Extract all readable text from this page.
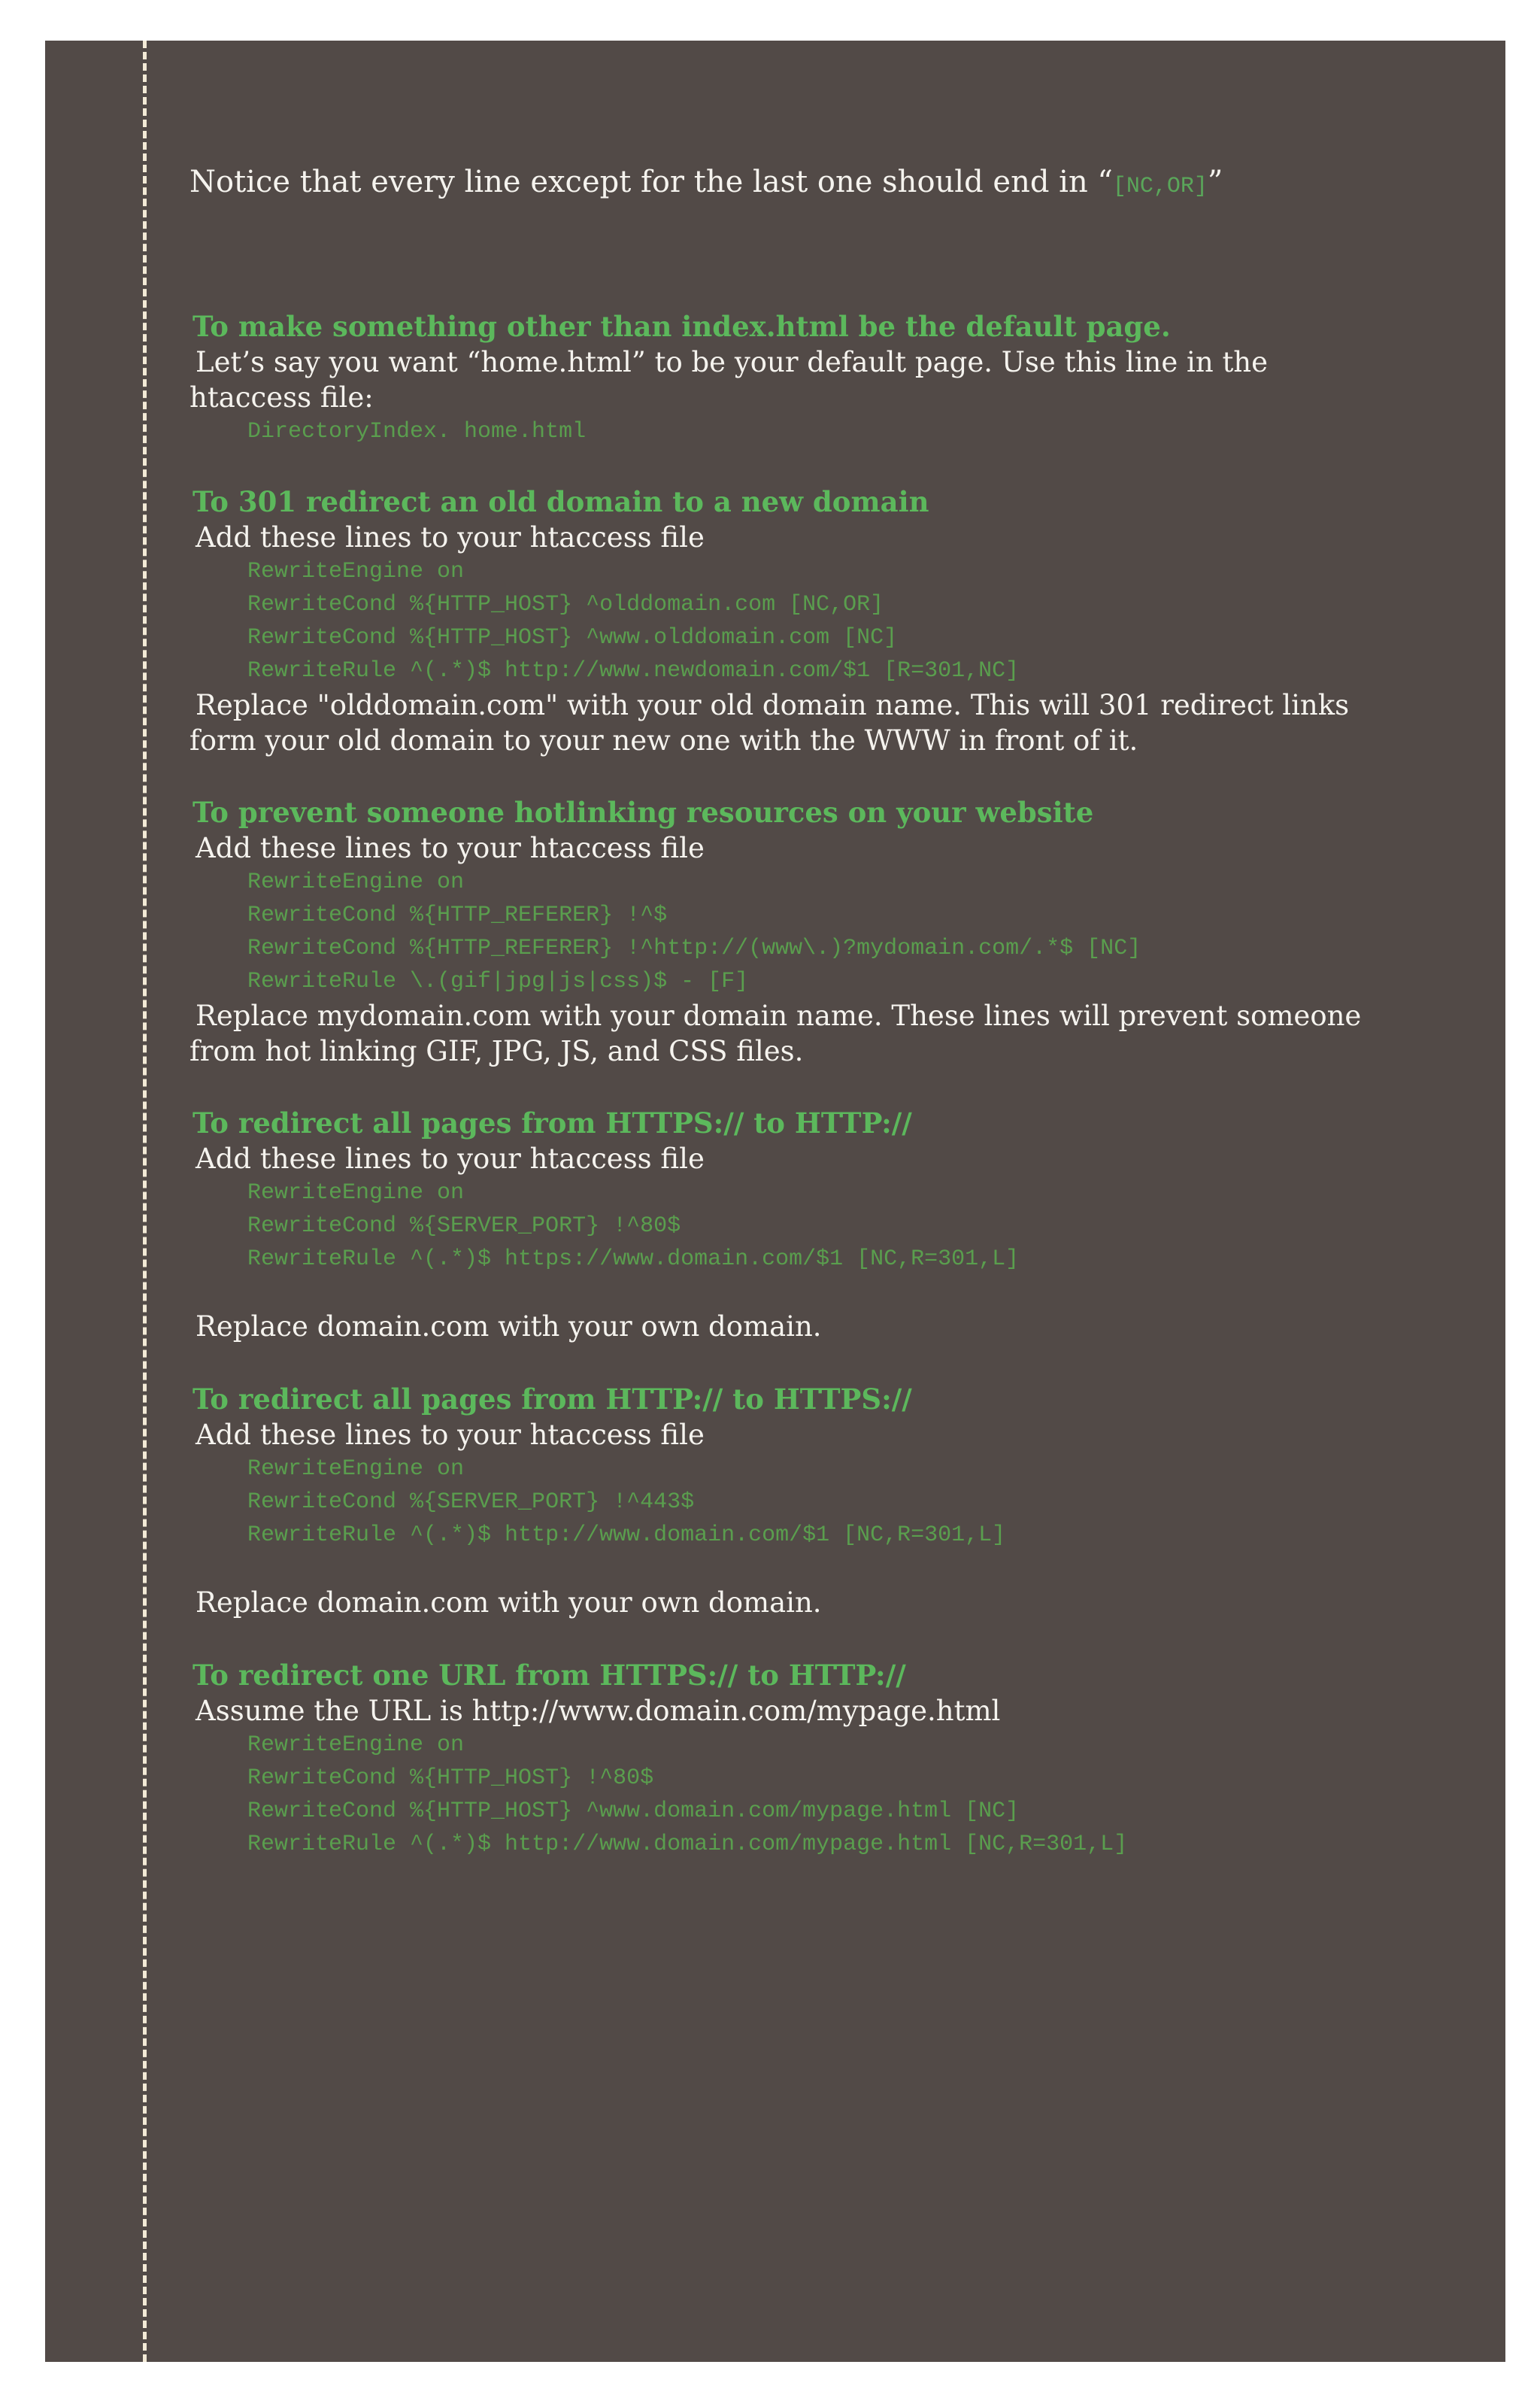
Notice that every line except for the last one should end in “[NC,OR]”

To make something other than index.html be the default page.

Let’s say you want “home.html” to be your default page. Use this line in the

htaccess file:

DirectoryIndex. home.html

To 301 redirect an old domain to a new domain

Add these lines to your htaccess file

RewriteEngine on

RewriteCond %{HTTP_HOST} ^olddomain.com [NC,OR]

RewriteCond %{HTTP_HOST} ^www.olddomain.com [NC]

RewriteRule ^(.*)$ http://www.newdomain.com/$1 [R=301,NC]

Replace "olddomain.com" with your old domain name. This will 301 redirect links

form your old domain to your new one with the WWW in front of it.

To prevent someone hotlinking resources on your website

Add these lines to your htaccess file

RewriteEngine on

RewriteCond %{HTTP_REFERER} !^$

RewriteCond %{HTTP_REFERER} !^http://(www\.)?mydomain.com/.*$ [NC]

RewriteRule \.(gif|jpg|js|css)$ - [F]

Replace mydomain.com with your domain name. These lines will prevent someone

from hot linking GIF, JPG, JS, and CSS files.

To redirect all pages from HTTPS:// to HTTP://

Add these lines to your htaccess file

RewriteEngine on

RewriteCond %{SERVER_PORT} !^80$

RewriteRule ^(.*)$ https://www.domain.com/$1 [NC,R=301,L]

Replace domain.com with your own domain.

To redirect all pages from HTTP:// to HTTPS://

Add these lines to your htaccess file

RewriteEngine on

RewriteCond %{SERVER_PORT} !^443$

RewriteRule ^(.*)$ http://www.domain.com/$1 [NC,R=301,L]

Replace domain.com with your own domain.

To redirect one URL from HTTPS:// to HTTP://

Assume the URL is http://www.domain.com/mypage.html

RewriteEngine on

RewriteCond %{HTTP_HOST} !^80$

RewriteCond %{HTTP_HOST} ^www.domain.com/mypage.html [NC]

RewriteRule ^(.*)$ http://www.domain.com/mypage.html [NC,R=301,L]
